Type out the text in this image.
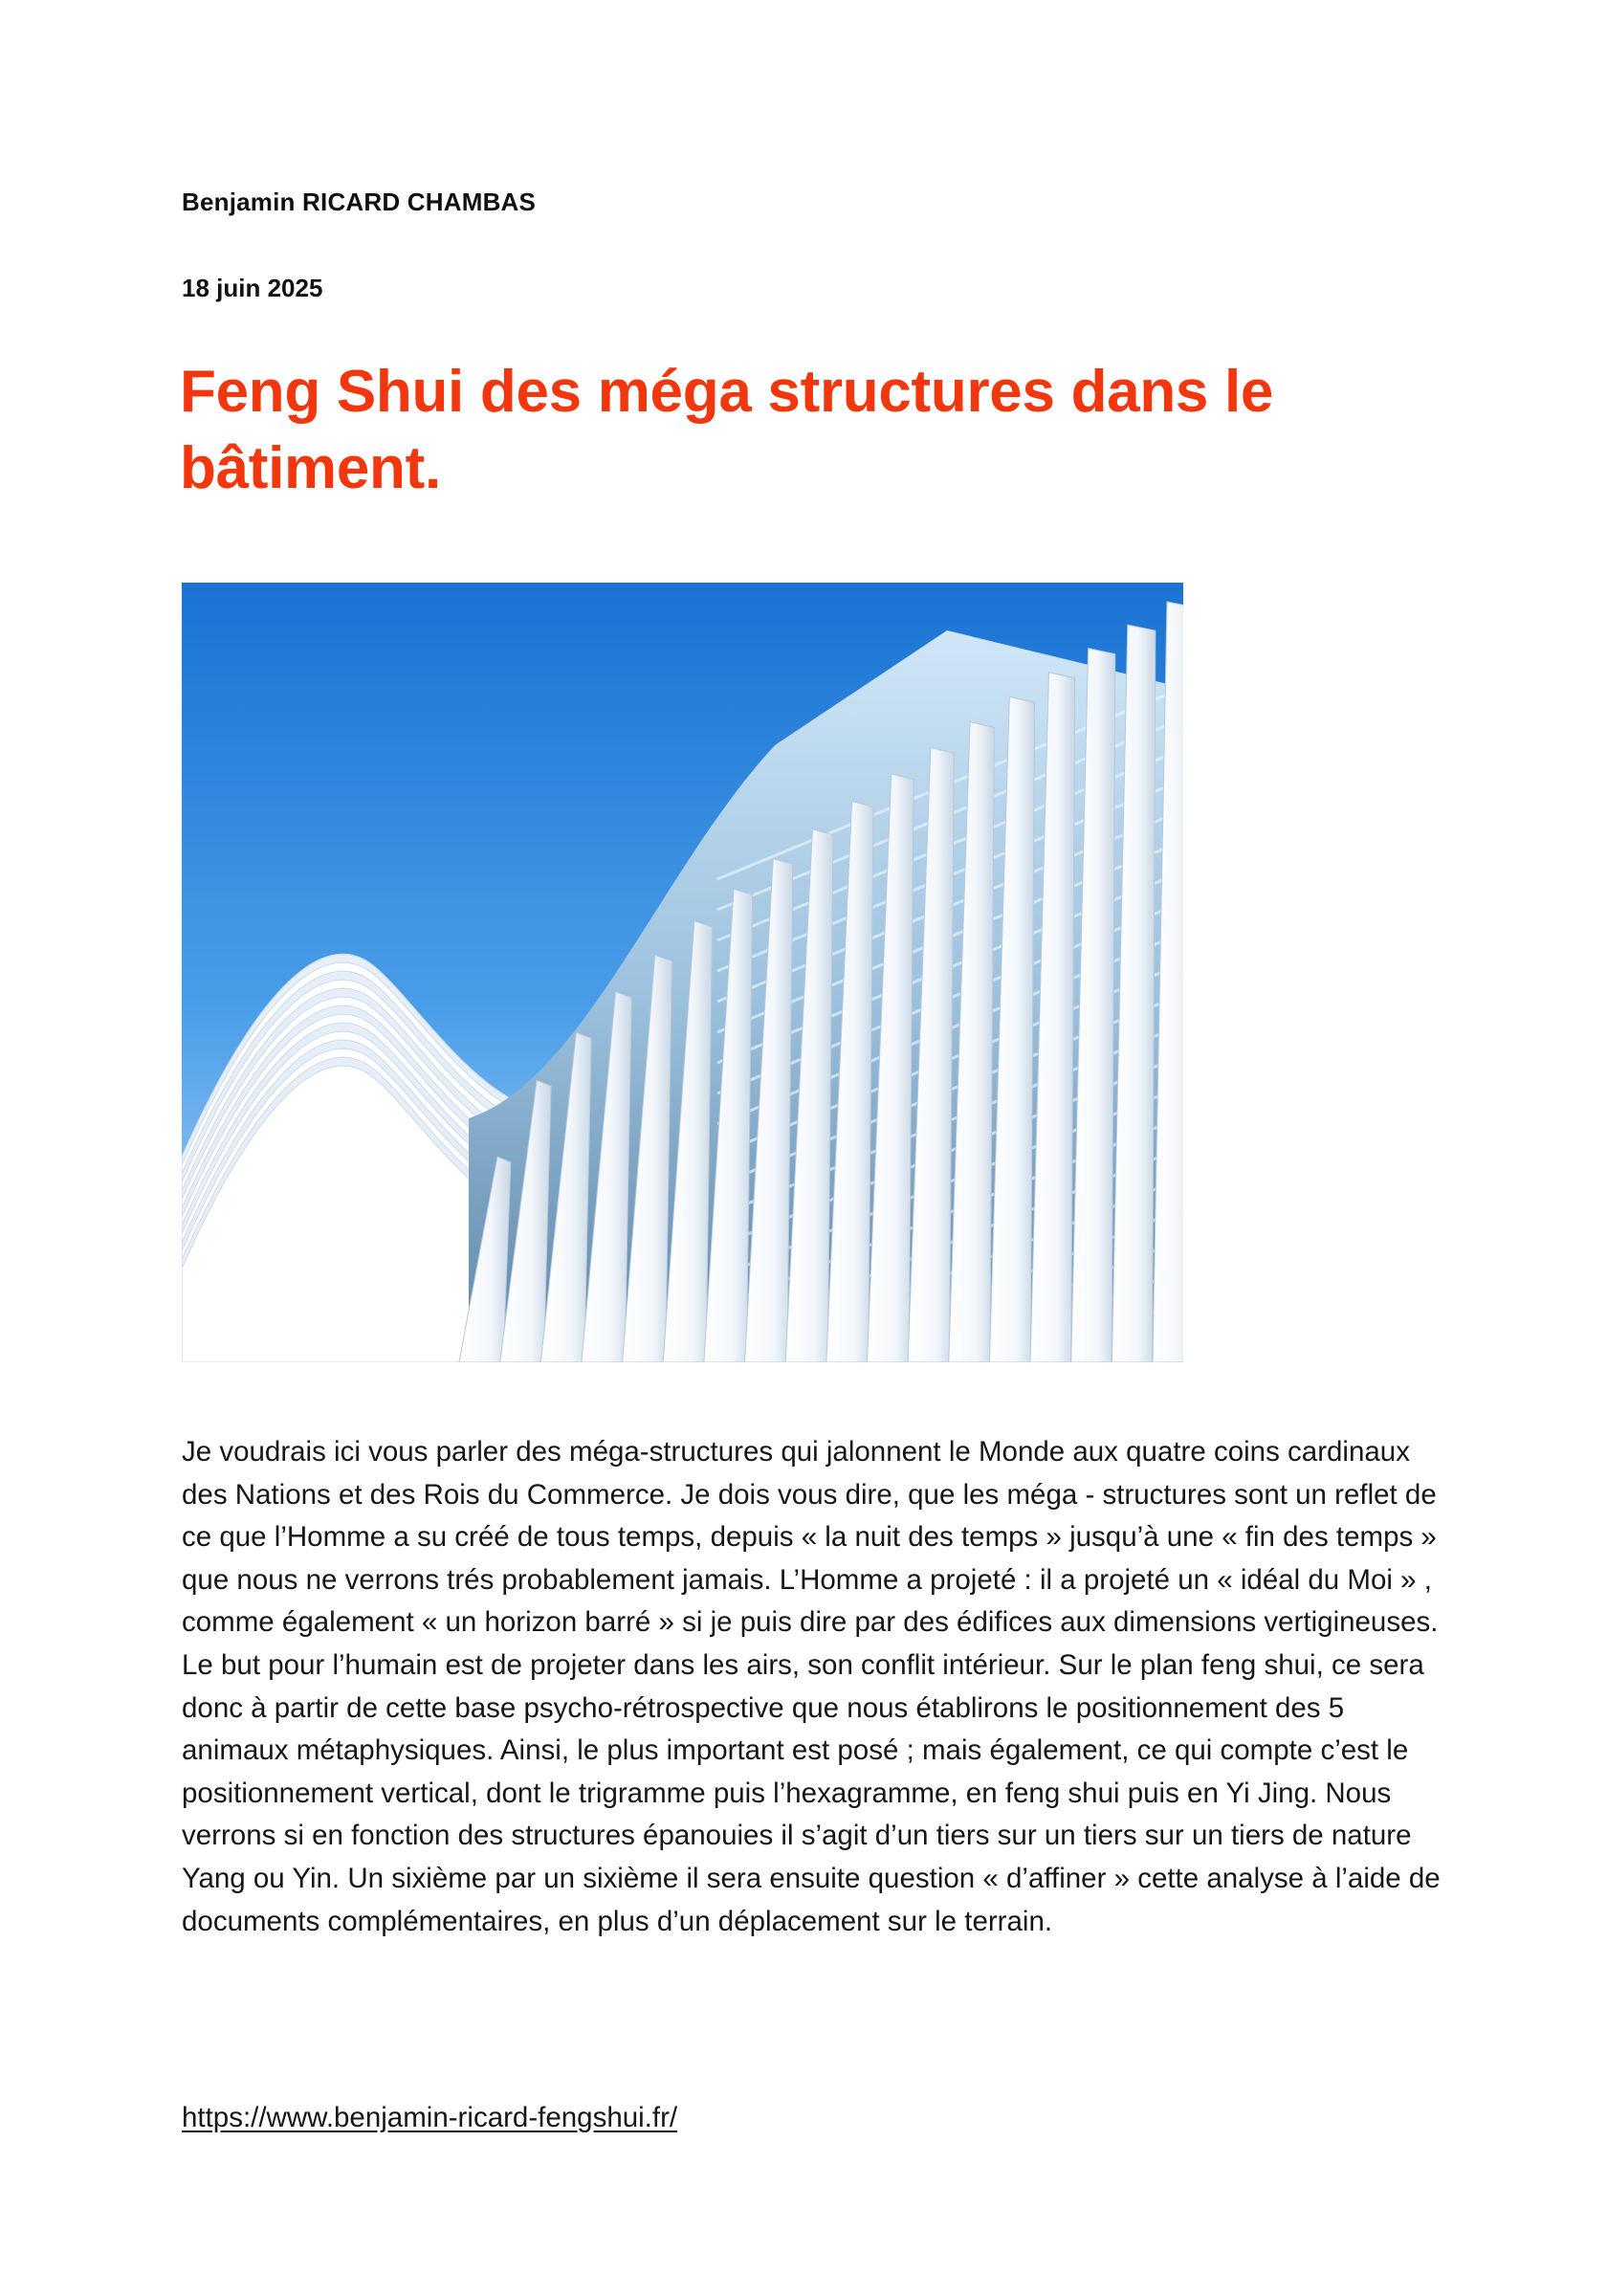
Benjamin RICARD CHAMBAS
18 juin 2025
Feng Shui des méga structures dans le bâtiment.

Je voudrais ici vous parler des méga-structures qui jalonnent le Monde aux quatre coins cardinaux des Nations et des Rois du Commerce. Je dois vous dire, que les méga - structures sont un reflet de ce que l’Homme a su créé de tous temps, depuis « la nuit des temps » jusqu’à une « fin des temps » que nous ne verrons trés probablement jamais. L’Homme a projeté : il a projeté un « idéal du Moi » , comme également « un horizon barré » si je puis dire par des édifices aux dimensions vertigineuses. Le but pour l’humain est de projeter dans les airs, son conflit intérieur. Sur le plan feng shui, ce sera donc à partir de cette base psycho-rétrospective que nous établirons le positionnement des 5 animaux métaphysiques. Ainsi, le plus important est posé ; mais également, ce qui compte c’est le positionnement vertical, dont le trigramme puis l’hexagramme, en feng shui puis en Yi Jing. Nous verrons si en fonction des structures épanouies il s’agit d’un tiers sur un tiers sur un tiers de nature Yang ou Yin. Un sixième par un sixième il sera ensuite question « d’affiner » cette analyse à l’aide de documents complémentaires, en plus d’un déplacement sur le terrain.

https://www.benjamin-ricard-fengshui.fr/
